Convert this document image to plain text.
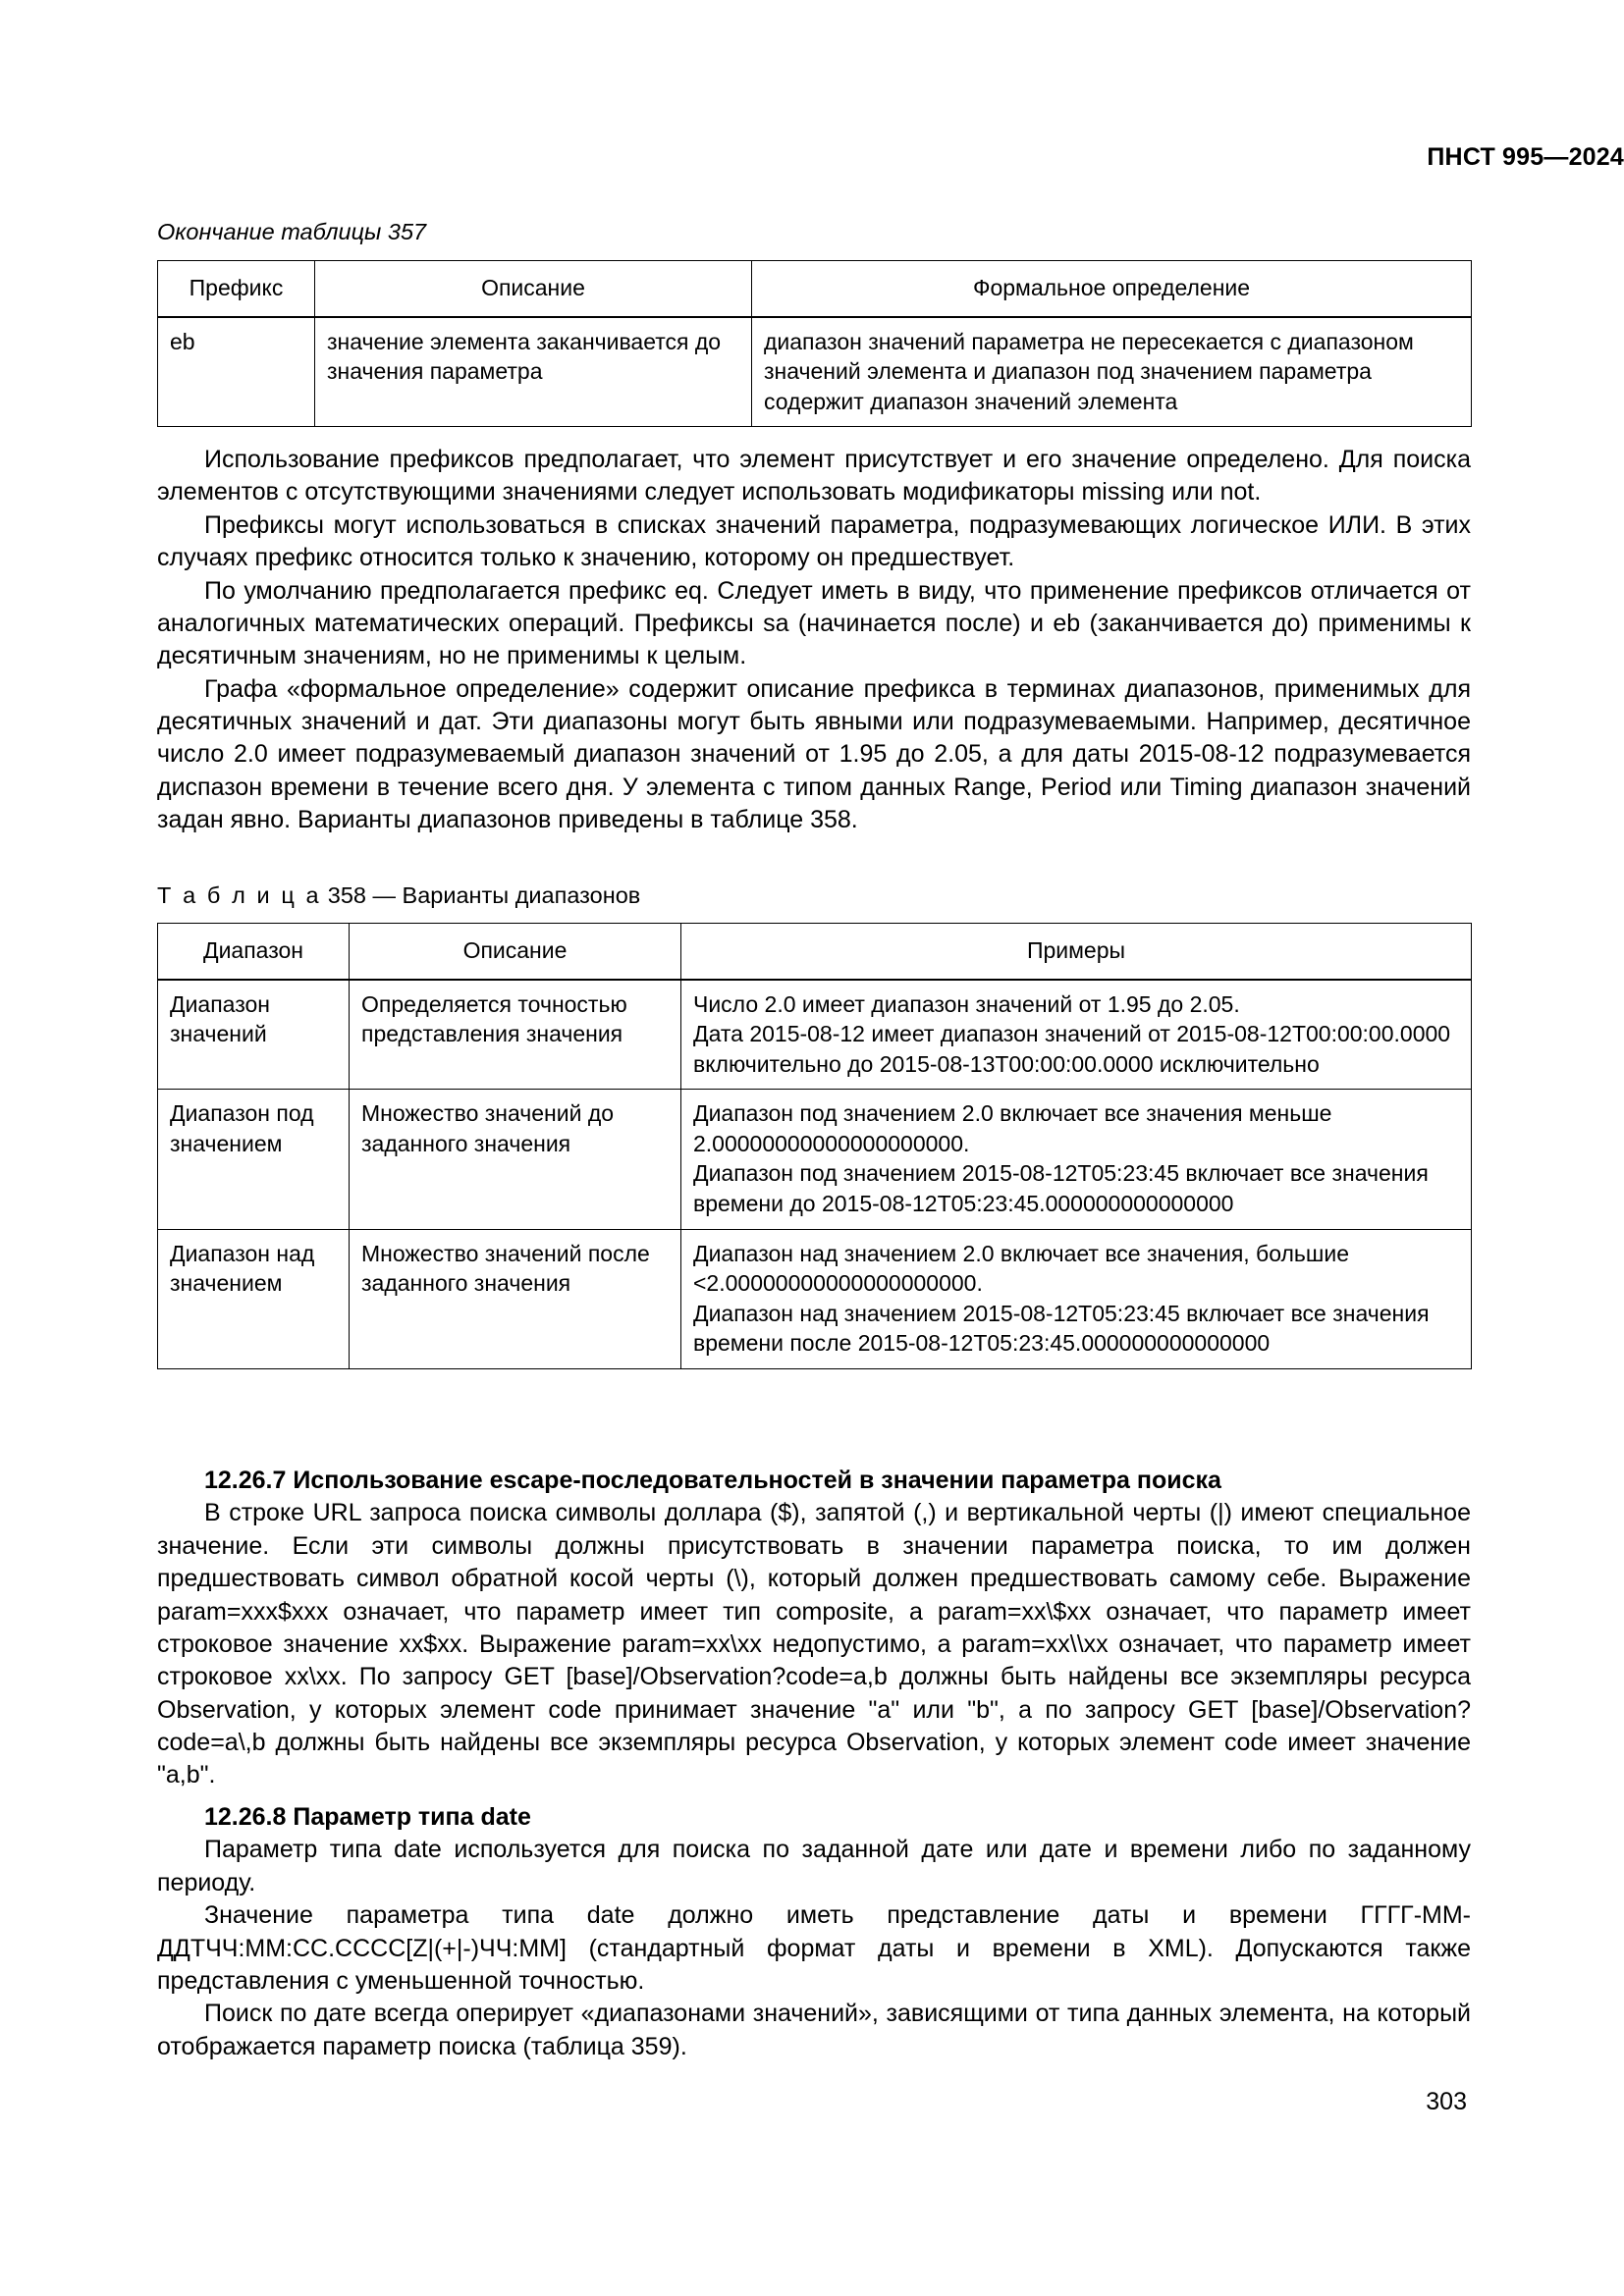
ПНСТ 995—2024
Окончание таблицы 357
Префикс	Описание	Формальное определение
eb	значение элемента заканчивается до значения параметра	диапазон значений параметра не пересекается с диапазоном значений элемента и диапазон под значением параметра содержит диапазон значений элемента

Использование префиксов предполагает, что элемент присутствует и его значение определено. Для поиска элементов с отсутствующими значениями следует использовать модификаторы missing или not.

Префиксы могут использоваться в списках значений параметра, подразумевающих логическое ИЛИ. В этих случаях префикс относится только к значению, которому он предшествует.

По умолчанию предполагается префикс eq. Следует иметь в виду, что применение префиксов отличается от аналогичных математических операций. Префиксы sa (начинается после) и eb (заканчивается до) применимы к десятичным значениям, но не применимы к целым.

Графа «формальное определение» содержит описание префикса в терминах диапазонов, применимых для десятичных значений и дат. Эти диапазоны могут быть явными или подразумеваемыми. Например, десятичное число 2.0 имеет подразумеваемый диапазон значений от 1.95 до 2.05, а для даты 2015-08-12 подразумевается диспазон времени в течение всего дня. У элемента с типом данных Range, Period или Timing диапазон значений задан явно. Варианты диапазонов приведены в таблице 358.

Т а б л и ц а 358 — Варианты диапазонов

Диапазон	Описание	Примеры
Диапазон значений	Определяется точностью представления значения	Число 2.0 имеет диапазон значений от 1.95 до 2.05.
Дата 2015-08-12 имеет диапазон значений от 2015-08-12T00:00:00.0000 включительно до 2015-08-13T00:00:00.0000 исключительно

Диапазон под значением	Множество значений до заданного значения	Диапазон под значением 2.0 включает все значения меньше 2.00000000000000000000.
Диапазон под значением 2015-08-12T05:23:45 включает все значения времени до 2015-08-12T05:23:45.000000000000000

Диапазон над значением	Множество значений после заданного значения	Диапазон над значением 2.0 включает все значения, большие <2.00000000000000000000.
Диапазон над значением 2015-08-12T05:23:45 включает все значения времени после 2015-08-12T05:23:45.000000000000000
12.26.7 Использование escape-последовательностей в значении параметра поиска

В строке URL запроса поиска символы доллара ($), запятой (,) и вертикальной черты (|) имеют специальное значение. Если эти символы должны присутствовать в значении параметра поиска, то им должен предшествовать символ обратной косой черты (\), который должен предшествовать самому себе. Выражение param=xxx$xxx означает, что параметр имеет тип composite, а param=xx\$xx означает, что параметр имеет строковое значение xx$xx. Выражение param=xx\xx недопустимо, а param=xx\\xx означает, что параметр имеет строковое xx\xx. По запросу GET [base]/Observation?code=a,b должны быть найдены все экземпляры ресурса Observation, у которых элемент code принимает значение "a" или "b", а по запросу GET [base]/Observation?code=a\,b должны быть найдены все экземпляры ресурса Observation, у которых элемент code имеет значение "a,b".

12.26.8 Параметр типа date

Параметр типа date используется для поиска по заданной дате или дате и времени либо по заданному периоду.

Значение параметра типа date должно иметь представление даты и времени ГГГГ-ММ-ДДТЧЧ:ММ:СС.СССС[Z|(+|-)ЧЧ:ММ] (стандартный формат даты и времени в XML). Допускаются также представления с уменьшенной точностью.

Поиск по дате всегда оперирует «диапазонами значений», зависящими от типа данных элемента, на который отображается параметр поиска (таблица 359).

303
